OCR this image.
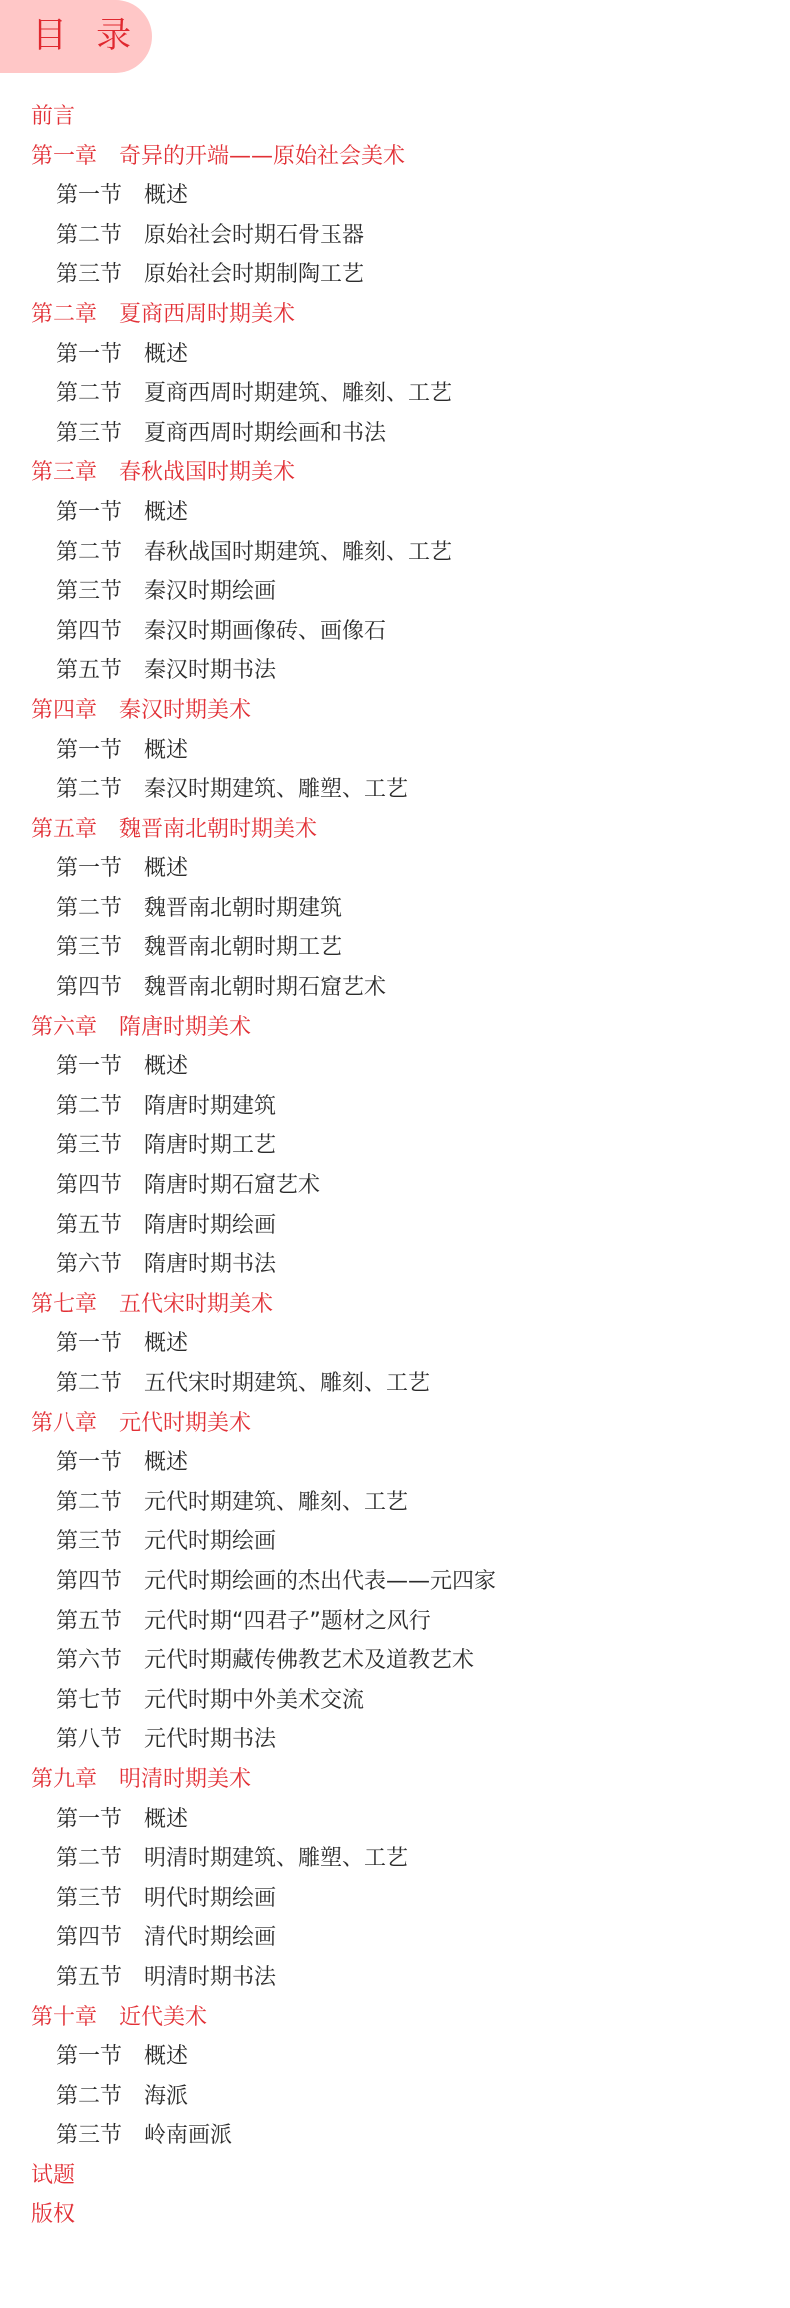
目 录
前言
第一章 奇异的开端——原始社会美术
第一节 概述
第二节 原始社会时期石骨玉器
第三节 原始社会时期制陶工艺
第二章 夏商西周时期美术
第一节 概述
第二节 夏商西周时期建筑、雕刻、工艺
第三节 夏商西周时期绘画和书法
第三章 春秋战国时期美术
第一节 概述
第二节 春秋战国时期建筑、雕刻、工艺
第三节 秦汉时期绘画
第四节 秦汉时期画像砖、画像石
第五节 秦汉时期书法
第四章 秦汉时期美术
第一节 概述
第二节 秦汉时期建筑、雕塑、工艺
第五章 魏晋南北朝时期美术
第一节 概述
第二节 魏晋南北朝时期建筑
第三节 魏晋南北朝时期工艺
第四节 魏晋南北朝时期石窟艺术
第六章 隋唐时期美术
第一节 概述
第二节 隋唐时期建筑
第三节 隋唐时期工艺
第四节 隋唐时期石窟艺术
第五节 隋唐时期绘画
第六节 隋唐时期书法
第七章 五代宋时期美术
第一节 概述
第二节 五代宋时期建筑、雕刻、工艺
第八章 元代时期美术
第一节 概述
第二节 元代时期建筑、雕刻、工艺
第三节 元代时期绘画
第四节 元代时期绘画的杰出代表——元四家
第五节 元代时期“四君子”题材之风行
第六节 元代时期藏传佛教艺术及道教艺术
第七节 元代时期中外美术交流
第八节 元代时期书法
第九章 明清时期美术
第一节 概述
第二节 明清时期建筑、雕塑、工艺
第三节 明代时期绘画
第四节 清代时期绘画
第五节 明清时期书法
第十章 近代美术
第一节 概述
第二节 海派
第三节 岭南画派
试题
版权
